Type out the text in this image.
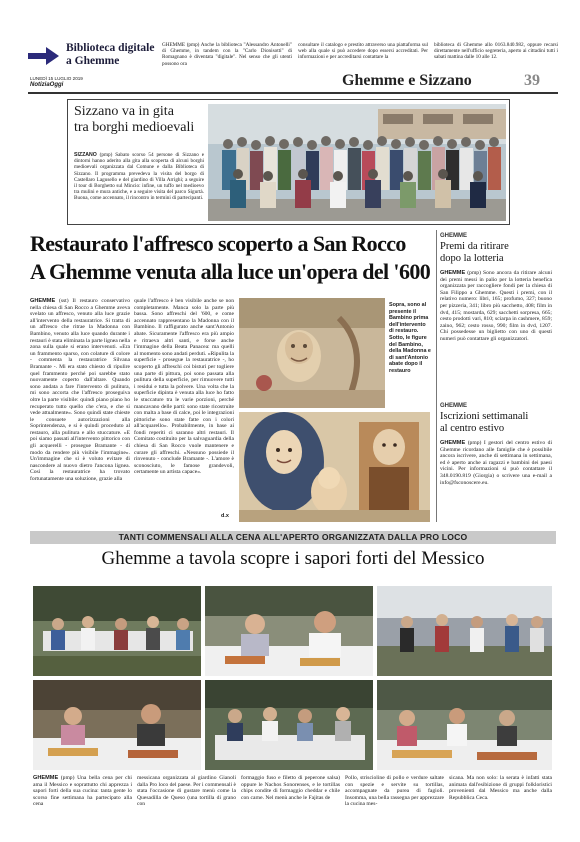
Biblioteca digitale
a Ghemme
GHEMME (pmp) Anche la biblioteca "Alessandro Antonelli" di Ghemme, in tandem con la "Carlo Dionisotti" di Romagnano è diventata "digitale". Nel senso che gli utenti possono ora
consultare il catalogo e prestito attraverso una piattaforma sul web alla quale si può accedere dopo essersi accreditati. Per informazioni e per accreditarsi contattare la
biblioteca di Ghemme allo 0163.840.982, oppure recarsi direttamente nell'ufficio segreteria, aperto ai cittadini tutti i sabati mattina dalle 10 alle 12.
LUNEDÌ 15 LUGLIO 2019
NotiziaOggi	Ghemme e Sizzano	39
Sizzano va in gita
tra borghi medioevali
SIZZANO (pmp) Sabato scorso 54 persone di Sizzano e dintorni hanno aderito alla gita alla scoperta di alcuni borghi medioevali organizzata dal Comune e dalla Biblioteca di Sizzano. Il programma prevedeva la visita del borgo di Castellaro Lagusello e del giardino di Villa Arrighi; a seguire il tour di Borghetto sul Mincio: infine, un tuffo nel medioevo tra mulini e mura antiche, e a seguire visita del parco Sigurtà. Buona, come accennato, il rincontro in termini di partecipanti.
Restaurato l'affresco scoperto a San Rocco
A Ghemme venuta alla luce un'opera del '600
GHEMME (sst) Il restauro conservativo nella chiesa di San Rocco a Ghemme aveva svelato un affresco, venuto alla luce grazie all'intervento della restauratrice. Si tratta di un affresco che ritrae la Madonna con Bambino, venuto alla luce quando durante i restauri è stata eliminata la parte lignea nella zona sulla quale si erano intervenuti. «Era un frammento sparso, con colature di colore - commenta la restauratrice Silvana Bramante -. Mi era stato chiesto di ripulire quel frammento perché poi sarebbe stato nuovamente coperto dall'altare. Quando sono andata a fare l'intervento di pulitura, mi sono accorta che l'affresco proseguiva oltre la parte visibile: quindi piano piano ho recuperato tutto quello che c'era, e che si vede attualmente». Sono quindi state chieste le consuete autorizzazioni alla Soprintendenza, e si è quindi proceduto al restauro, alla pulitura e allo stuccature. «E poi siamo passati all'intervento pittorico con gli acquerelli - prosegue Bramante - di modo da rendere più visibile l'immagine». Un'immagine che si è voluto evitare di nascondere al nuovo dietro l'ancona lignea. Così la restauratrice ha trovato fortunatamente una soluzione, grazie alla
quale l'affresco è ben visibile anche se non completamente. Manca solo la parte più bassa. Sono affreschi del '600, e come accennato rappresentano la Madonna con il Bambino. Il raffigurato anche sant'Antonio abate. Sicuramente l'affresco era più ampio e ritraeva altri santi, e forse anche l'immagine della Beata Panacea: ma quelli al momento sono andati perduti. «Ripulita la superficie - prosegue la restauratrice -, ho scoperto gli affreschi coi bisturi per togliere una parte di pittura, poi sono passata alla pulitura della superficie, per rimuovere tutti i residui e tutta la polvere. Una volta che la superficie dipinta è venuta alla luce ho fatto le stuccature tra le varie porzioni, perché mancavano delle parti: sono state ricostruite con malta a base di calce, poi le integrazioni pittoriche sono state fatte con i colori all'acquarello». Probabilmente, in base ai fondi reperiti ci saranno altri restauri. Il Comitato costituito per la salvaguardia della chiesa di San Rocco vuole mantenere e curare gli affreschi. «Nessuno possiede il rinvenuto - conclude Bramante -. L'amore è sconosciuto, le famose grandevoli, certamente un artista capace».
d.x
Sopra, sono al presente il Bambino prima dell'intervento di restauro. Sotto, le figure del Bambino, della Madonna e di sant'Antonio abate dopo il restauro
GHEMME
Premi da ritirare
dopo la lotteria
GHEMME (pmp) Sono ancora da ritirare alcuni dei premi messi in palio per la lotteria benefica organizzata per raccogliere fondi per la chiesa di San Filippo a Ghemme. Questi i premi, con il relativo numero: libri, 165; profumo, 327; buono per pizzeria, 341; libro più sacchetto, 408; film in dvd, 415; mostarda, 629; sacchetti sorpresa, 665; cesto prodotti vari, 810; sciarpa in cashmere, 859; zaino, 962; cesto rosso, 990; film in dvd, 1207. Chi possedesse un biglietto con uno di questi numeri può contattare gli organizzatori.
GHEMME
Iscrizioni settimanali
al centro estivo
GHEMME (pmp) I gestori del centro estivo di Ghemme ricordano alle famiglie che è possibile ancora iscrivere, anche di settimana in settimana, ed è aperto anche ai ragazzi e bambini dei paesi vicini. Per informazioni si può contattare il 348.0190.819 (Giorgia) o scrivere una e-mail a info@fsconoscere.eu.
TANTI COMMENSALI ALLA CENA ALL'APERTO ORGANIZZATA DALLA PRO LOCO
Ghemme a tavola scopre i sapori forti del Messico
GHEMME (pmp) Una bella cena per chi ama il Messico e soprattutto chi apprezza i sapori forti della sua cucina: tanta gente lo scorso fine settimana ha partecipato alla cena
messicana organizzata al giardino Gianoli dalla Pro loco del paese. Per i commensali è stata l'occasione di gustare menù come la Quesadilla de Queso (una tortilla di grano con
formaggio fuso e filetto di peperone salsa) oppure le Nachos Sonorenses, e le tortillas chips condite di formaggio cheddar e chile con carne. Nel menù anche le Fajitas de
Pollo, striscioline di pollo e verdure saltate con spezie e servite su tortillas, accompagnate da purea di fagioli. Insomma, una bella rassegna per apprezzare la cucina mes-
sicana. Ma non solo: la serata è infatti stata animata dall'esibizione di gruppi folkloristici provenienti dal Messico ma anche dalla Repubblica Ceca.
